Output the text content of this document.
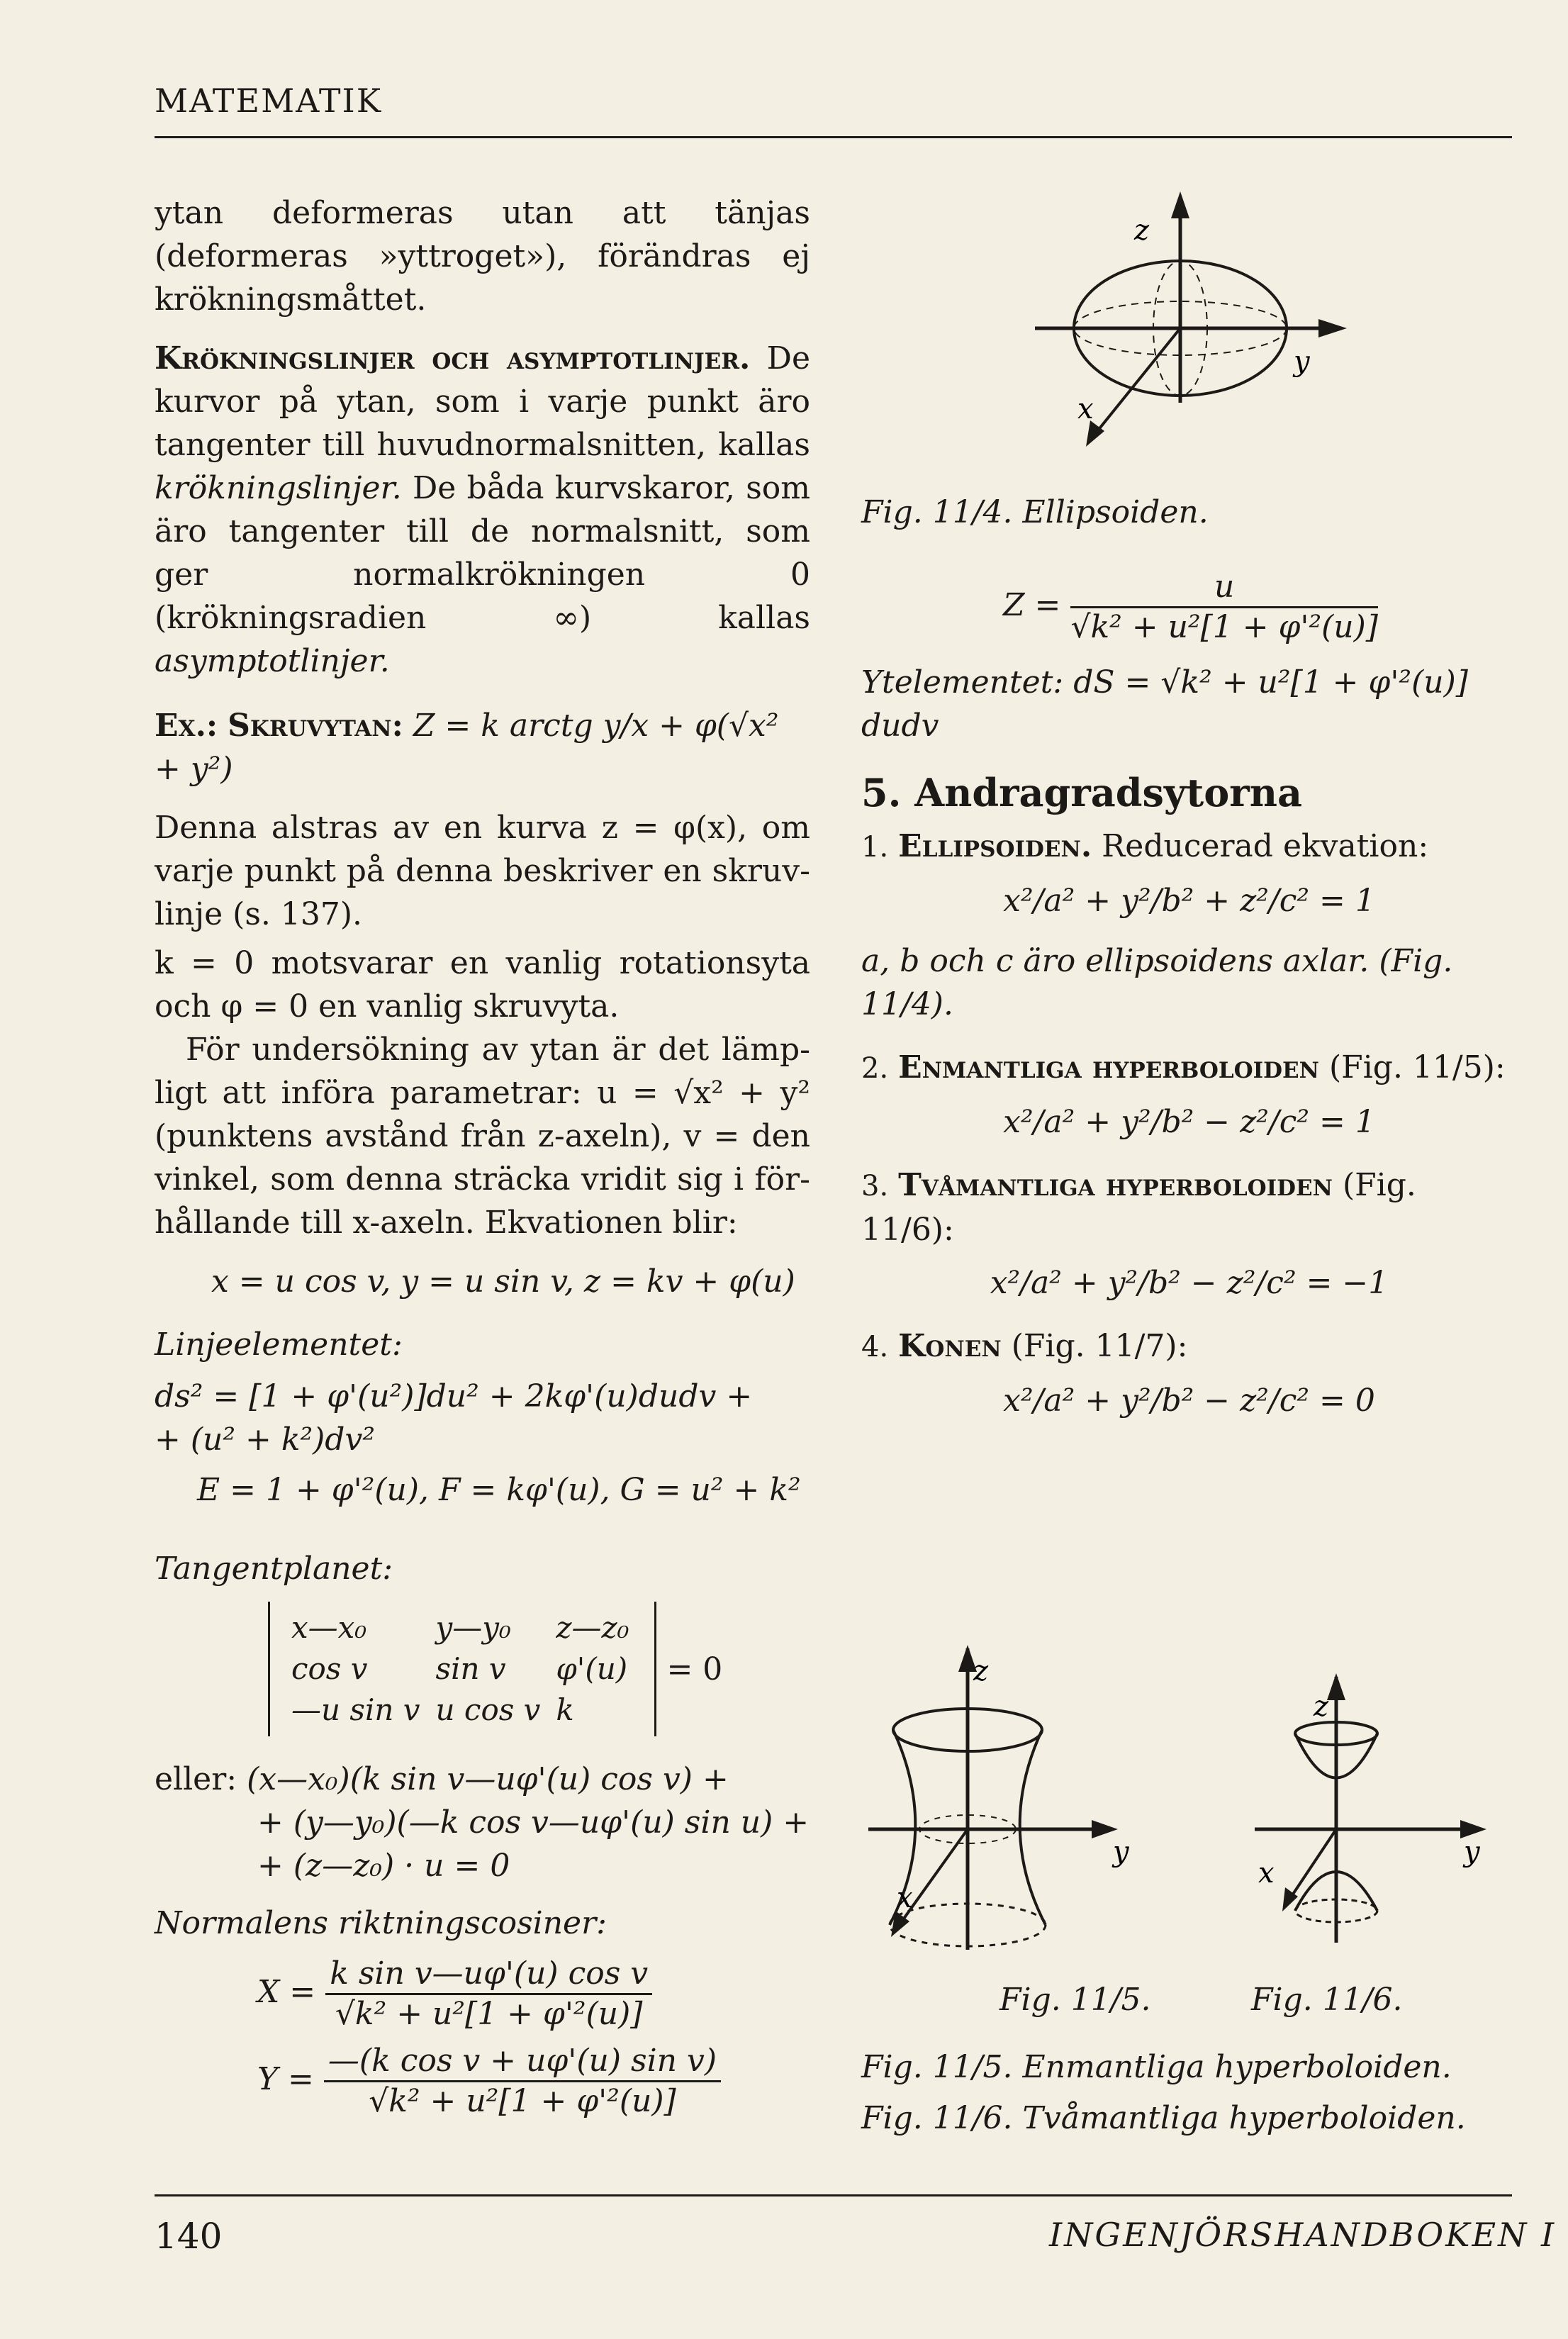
MATEMATIK

ytan deformeras utan att tänjas (deformeras »yttroget»), förändras ej krökningsmåttet.

Krökningslinjer och asymptotlinjer. De kurvor på ytan, som i varje punkt äro tangenter till huvudnormalsnitten, kallas krökningslinjer. De båda kurvskaror, som äro tangenter till de normalsnitt, som ger normalkrökningen 0 (krökningsradien ∞) kallas asymptotlinjer.

Ex.: Skruvytan: Z = k arctg y/x + φ(√x² + y²)

Denna alstras av en kurva z = φ(x), om varje punkt på denna beskriver en skruvlinje (s. 137).

k = 0 motsvarar en vanlig rotationsyta och φ = 0 en vanlig skruvyta.

För undersökning av ytan är det lämpligt att införa parametrar: u = √x² + y² (punktens avstånd från z-axeln), v = den vinkel, som denna sträcka vridit sig i förhållande till x-axeln. Ekvationen blir:

x = u cos v, y = u sin v, z = kv + φ(u)

Linjeelementet:

ds² = [1 + φ'(u²)]du² + 2kφ'(u)dudv +

+ (u² + k²)dv²

E = 1 + φ'²(u), F = kφ'(u), G = u² + k²

Tangentplanet:

x—x₀	y—y₀	z—z₀
cos v	sin v	φ'(u)
—u sin v	u cos v	k
= 0

eller: (x—x₀)(k sin v—uφ'(u) cos v) +

+ (y—y₀)(—k cos v—uφ'(u) sin u) +

+ (z—z₀) · u = 0

Normalens riktningscosiner:

$X = \frac{\text{k sin v—uφ'(u) cos v}}{\text{√k² + u²[1 + φ'²(u)]}}$
$Y = \frac{\text{—(k cos v + uφ'(u) sin v)}}{\text{√k² + u²[1 + φ'²(u)]}}$
z
y
x

Fig. 11/4. Ellipsoiden.

$Z = \frac{u}{\text{√k² + u²[1 + φ'²(u)]}}$

Ytelementet: dS = √k² + u²[1 + φ'²(u)] dudv

5. Andragradsytorna

1. Ellipsoiden. Reducerad ekvation:

x²/a² + y²/b² + z²/c² = 1

a, b och c äro ellipsoidens axlar. (Fig. 11/4).

2. Enmantliga hyperboloiden (Fig. 11/5):

x²/a² + y²/b² − z²/c² = 1

3. Tvåmantliga hyperboloiden (Fig. 11/6):

x²/a² + y²/b² − z²/c² = −1

4. Konen (Fig. 11/7):

x²/a² + y²/b² − z²/c² = 0

z
y
x
z
y
x
Fig. 11/5.	Fig. 11/6.
Fig. 11/5. Enmantliga hyperboloiden.
Fig. 11/6. Tvåmantliga hyperboloiden.
140	INGENJÖRSHANDBOKEN I
